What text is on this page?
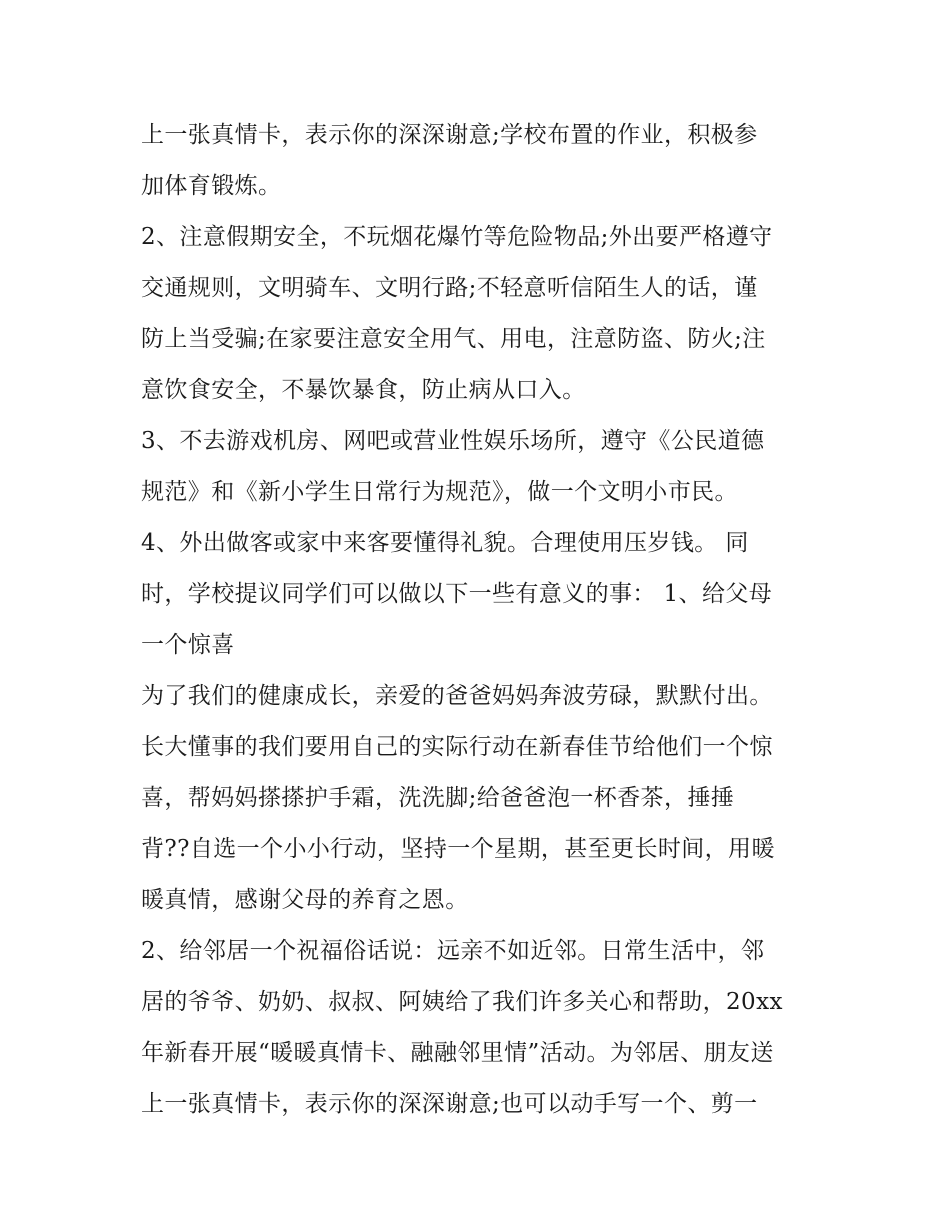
上一张真情卡，表示你的深深谢意;学校布置的作业，积极参
加体育锻炼。
2、注意假期安全，不玩烟花爆竹等危险物品;外出要严格遵守
交通规则，文明骑车、文明行路;不轻意听信陌生人的话，谨
防上当受骗;在家要注意安全用气、用电，注意防盗、防火;注
意饮食安全，不暴饮暴食，防止病从口入。
3、不去游戏机房、网吧或营业性娱乐场所，遵守《公民道德
规范》和《新小学生日常行为规范》，做一个文明小市民。
4、外出做客或家中来客要懂得礼貌。合理使用压岁钱。 同
时，学校提议同学们可以做以下一些有意义的事： 1、给父母
一个惊喜
为了我们的健康成长，亲爱的爸爸妈妈奔波劳碌，默默付出。
长大懂事的我们要用自己的实际行动在新春佳节给他们一个惊
喜，帮妈妈搽搽护手霜，洗洗脚;给爸爸泡一杯香茶，捶捶
背??自选一个小小行动，坚持一个星期，甚至更长时间，用暖
暖真情，感谢父母的养育之恩。
2、给邻居一个祝福俗话说：远亲不如近邻。日常生活中，邻
居的爷爷、奶奶、叔叔、阿姨给了我们许多关心和帮助，20xx
年新春开展“暖暖真情卡、融融邻里情”活动。为邻居、朋友送
上一张真情卡，表示你的深深谢意;也可以动手写一个、剪一
